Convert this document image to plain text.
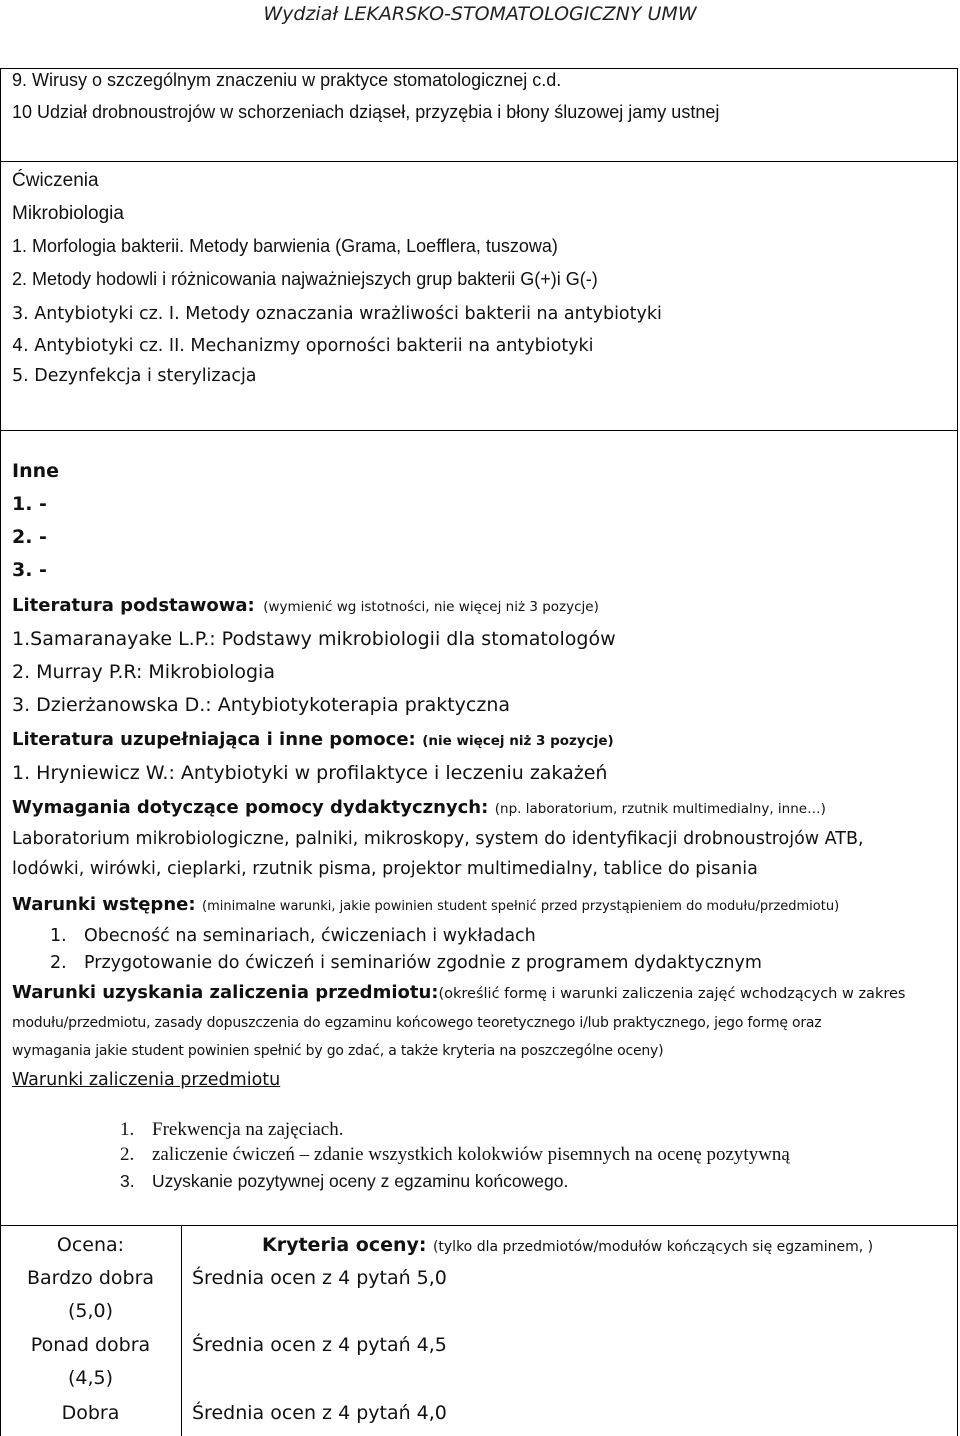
Wydział LEKARSKO-STOMATOLOGICZNY UMW
9. Wirusy o szczególnym znaczeniu w praktyce stomatologicznej c.d.
10 Udział drobnoustrojów w schorzeniach dziąseł, przyzębia i błony śluzowej jamy ustnej
Ćwiczenia
Mikrobiologia
1. Morfologia bakterii. Metody barwienia (Grama, Loefflera, tuszowa)
2. Metody hodowli i różnicowania najważniejszych grup bakterii G(+)i G(-)
3. Antybiotyki cz. I. Metody oznaczania wrażliwości bakterii na antybiotyki
4. Antybiotyki cz. II. Mechanizmy oporności bakterii na antybiotyki
5. Dezynfekcja i sterylizacja
Inne
1. -
2. -
3. -
Literatura podstawowa: (wymienić wg istotności, nie więcej niż 3 pozycje)
1.Samaranayake L.P.: Podstawy mikrobiologii dla stomatologów
2. Murray P.R: Mikrobiologia
3. Dzierżanowska D.: Antybiotykoterapia praktyczna
Literatura uzupełniająca i inne pomoce: (nie więcej niż 3 pozycje)
1. Hryniewicz W.: Antybiotyki w profilaktyce i leczeniu zakażeń
Wymagania dotyczące pomocy dydaktycznych: (np. laboratorium, rzutnik multimedialny, inne…)
Laboratorium mikrobiologiczne, palniki, mikroskopy, system do identyfikacji drobnoustrojów ATB,
lodówki, wirówki, cieplarki, rzutnik pisma, projektor multimedialny, tablice do pisania
Warunki wstępne: (minimalne warunki, jakie powinien student spełnić przed przystąpieniem do modułu/przedmiotu)
1. Obecność na seminariach, ćwiczeniach i wykładach
2. Przygotowanie do ćwiczeń i seminariów zgodnie z programem dydaktycznym
Warunki uzyskania zaliczenia przedmiotu:(określić formę i warunki zaliczenia zajęć wchodzących w zakres
modułu/przedmiotu, zasady dopuszczenia do egzaminu końcowego teoretycznego i/lub praktycznego, jego formę oraz
wymagania jakie student powinien spełnić by go zdać, a także kryteria na poszczególne oceny)
Warunki zaliczenia przedmiotu
1. Frekwencja na zajęciach.
2. zaliczenie ćwiczeń – zdanie wszystkich kolokwiów pisemnych na ocenę pozytywną
3. Uzyskanie pozytywnej oceny z egzaminu końcowego.
Ocena:	Kryteria oceny: (tylko dla przedmiotów/modułów kończących się egzaminem, )
Bardzo dobra
(5,0)
Średnia ocen z 4 pytań 5,0
Ponad dobra
(4,5)
Średnia ocen z 4 pytań 4,5
Dobra	Średnia ocen z 4 pytań 4,0
